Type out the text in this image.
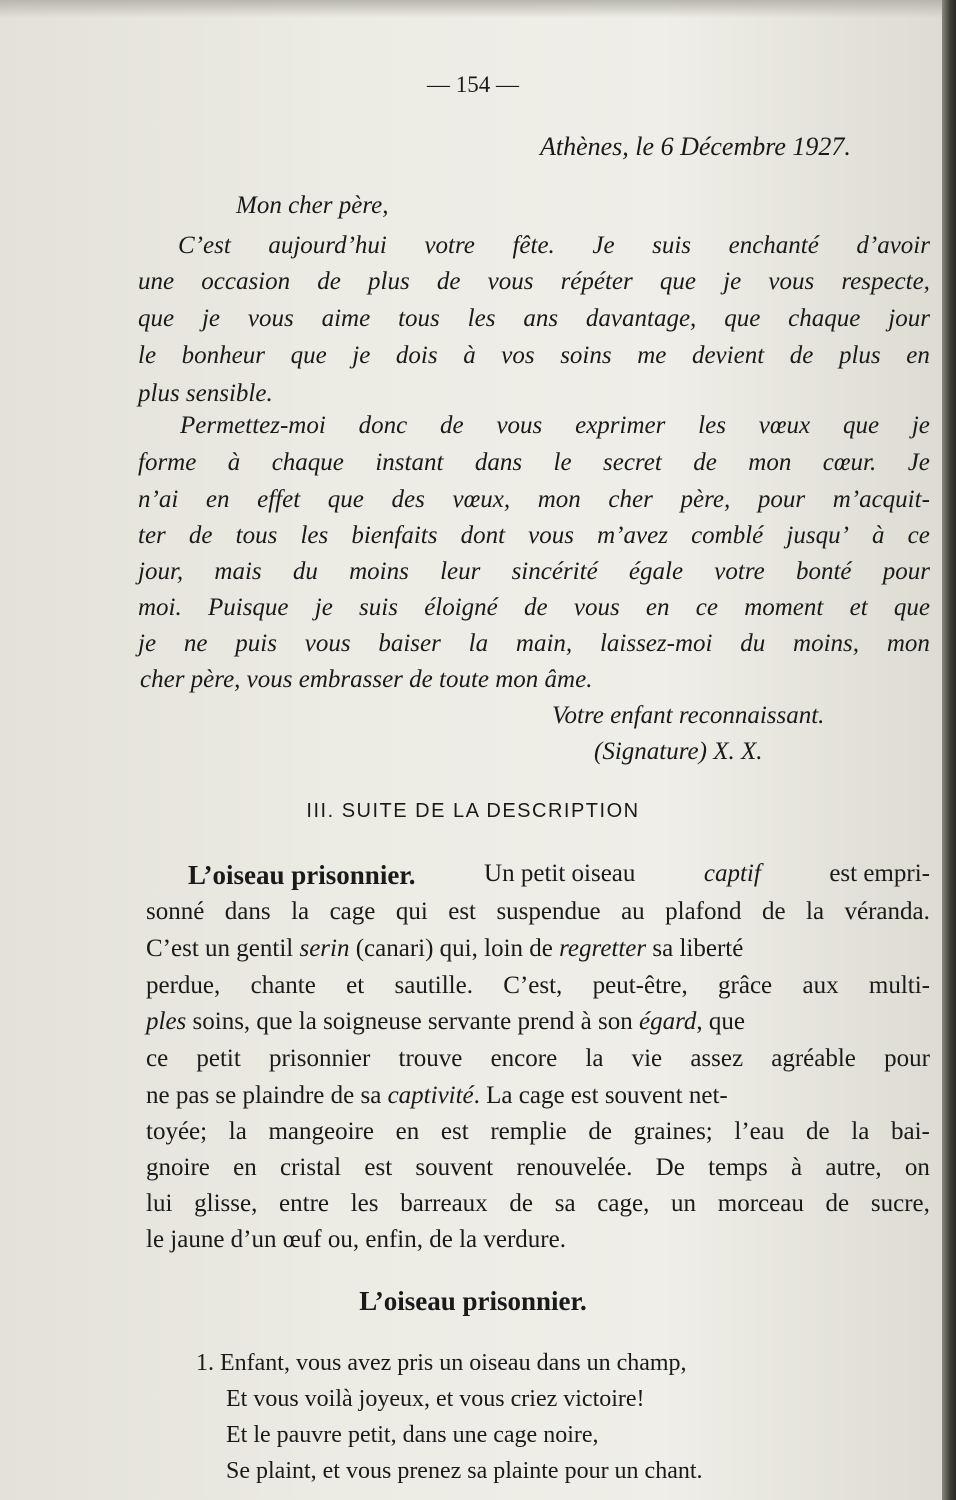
— 154 —
Athènes, le 6 Décembre 1927.
Mon cher père,
C’est aujourd’hui votre fête. Je suis enchanté d’avoir
une occasion de plus de vous répéter que je vous respecte,
que je vous aime tous les ans davantage, que chaque jour
le bonheur que je dois à vos soins me devient de plus en
plus sensible.
Permettez-moi donc de vous exprimer les vœux que je
forme à chaque instant dans le secret de mon cœur. Je
n’ai en effet que des vœux, mon cher père, pour m’acquit-
ter de tous les bienfaits dont vous m’avez comblé jusqu’ à ce
jour, mais du moins leur sincérité égale votre bonté pour
moi. Puisque je suis éloigné de vous en ce moment et que
je ne puis vous baiser la main, laissez-moi du moins, mon
cher père, vous embrasser de toute mon âme.
Votre enfant reconnaissant.
(Signature) X. X.
III. SUITE DE LA DESCRIPTION
L’oiseau prisonnier.	Un petit oiseau	captif	est empri-
sonné dans la cage qui est suspendue au plafond de la véranda.
C’est un gentil serin (canari) qui, loin de regretter sa liberté
perdue, chante et sautille. C’est, peut-être, grâce aux multi-
ples soins, que la soigneuse servante prend à son égard, que
ce petit prisonnier trouve encore la vie assez agréable pour
ne pas se plaindre de sa captivité. La cage est souvent net-
toyée; la mangeoire en est remplie de graines; l’eau de la bai-
gnoire en cristal est souvent renouvelée. De temps à autre, on
lui glisse, entre les barreaux de sa cage, un morceau de sucre,
le jaune d’un œuf ou, enfin, de la verdure.
L’oiseau prisonnier.
1. Enfant, vous avez pris un oiseau dans un champ,
Et vous voilà joyeux, et vous criez victoire!
Et le pauvre petit, dans une cage noire,
Se plaint, et vous prenez sa plainte pour un chant.
